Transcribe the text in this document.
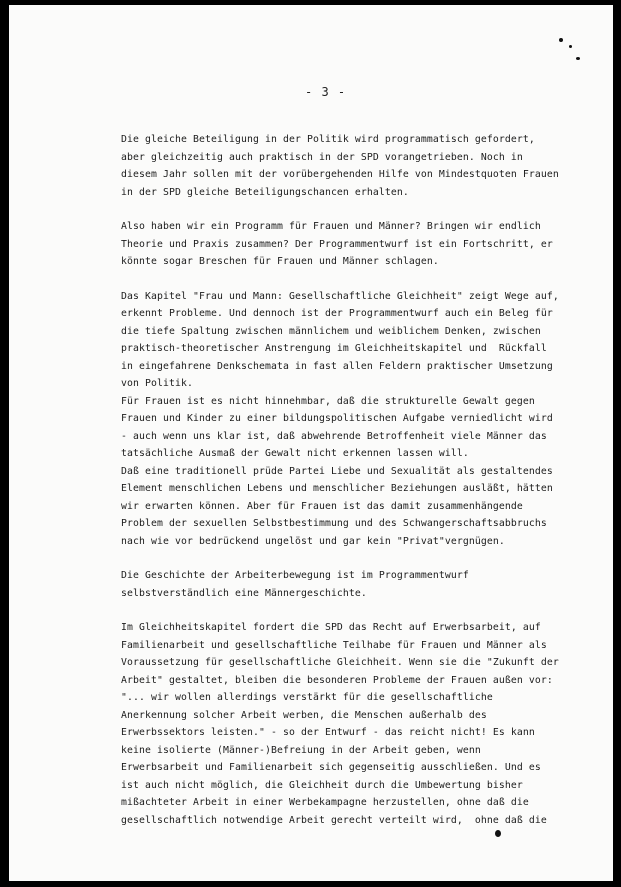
- 3 -
Die gleiche Beteiligung in der Politik wird programmatisch gefordert,
aber gleichzeitig auch praktisch in der SPD vorangetrieben. Noch in
diesem Jahr sollen mit der vorübergehenden Hilfe von Mindestquoten Frauen
in der SPD gleiche Beteiligungschancen erhalten.
Also haben wir ein Programm für Frauen und Männer? Bringen wir endlich
Theorie und Praxis zusammen? Der Programmentwurf ist ein Fortschritt, er
könnte sogar Breschen für Frauen und Männer schlagen.
Das Kapitel "Frau und Mann: Gesellschaftliche Gleichheit" zeigt Wege auf,
erkennt Probleme. Und dennoch ist der Programmentwurf auch ein Beleg für
die tiefe Spaltung zwischen männlichem und weiblichem Denken, zwischen
praktisch-theoretischer Anstrengung im Gleichheitskapitel und  Rückfall
in eingefahrene Denkschemata in fast allen Feldern praktischer Umsetzung
von Politik.
Für Frauen ist es nicht hinnehmbar, daß die strukturelle Gewalt gegen
Frauen und Kinder zu einer bildungspolitischen Aufgabe verniedlicht wird
- auch wenn uns klar ist, daß abwehrende Betroffenheit viele Männer das
tatsächliche Ausmaß der Gewalt nicht erkennen lassen will.
Daß eine traditionell prüde Partei Liebe und Sexualität als gestaltendes
Element menschlichen Lebens und menschlicher Beziehungen ausläßt, hätten
wir erwarten können. Aber für Frauen ist das damit zusammenhängende
Problem der sexuellen Selbstbestimmung und des Schwangerschaftsabbruchs
nach wie vor bedrückend ungelöst und gar kein "Privat"vergnügen.
Die Geschichte der Arbeiterbewegung ist im Programmentwurf
selbstverständlich eine Männergeschichte.
Im Gleichheitskapitel fordert die SPD das Recht auf Erwerbsarbeit, auf
Familienarbeit und gesellschaftliche Teilhabe für Frauen und Männer als
Voraussetzung für gesellschaftliche Gleichheit. Wenn sie die "Zukunft der
Arbeit" gestaltet, bleiben die besonderen Probleme der Frauen außen vor:
"... wir wollen allerdings verstärkt für die gesellschaftliche
Anerkennung solcher Arbeit werben, die Menschen außerhalb des
Erwerbssektors leisten." - so der Entwurf - das reicht nicht! Es kann
keine isolierte (Männer-)Befreiung in der Arbeit geben, wenn
Erwerbsarbeit und Familienarbeit sich gegenseitig ausschließen. Und es
ist auch nicht möglich, die Gleichheit durch die Umbewertung bisher
mißachteter Arbeit in einer Werbekampagne herzustellen, ohne daß die
gesellschaftlich notwendige Arbeit gerecht verteilt wird,  ohne daß die
